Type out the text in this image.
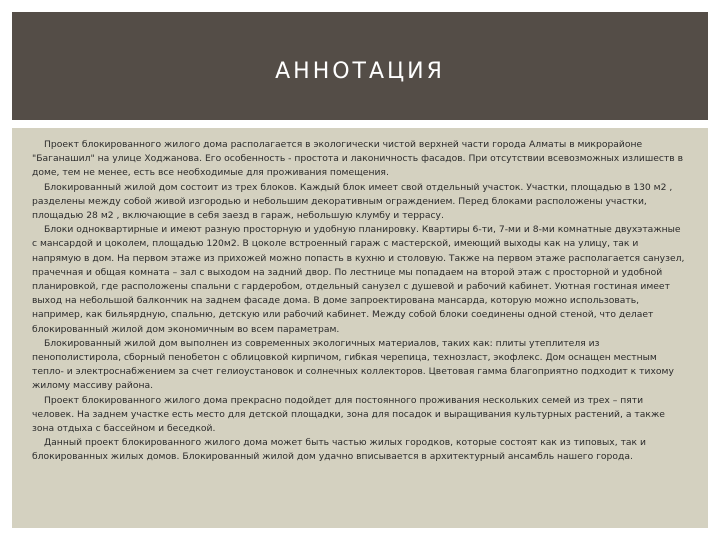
АННОТАЦИЯ

Проект блокированного жилого дома располагается в экологически чистой верхней части города Алматы в микрорайоне "Баганашил" на улице Ходжанова. Его особенность - простота и лаконичность фасадов. При отсутствии всевозможных излишеств в доме, тем не менее, есть все необходимые для проживания помещения.

Блокированный жилой дом состоит из трех блоков. Каждый блок имеет свой отдельный участок. Участки, площадью в 130 м2 , разделены между собой живой изгородью и небольшим декоративным ограждением. Перед блоками расположены участки, площадью 28 м2 , включающие в себя заезд в гараж, небольшую клумбу и террасу.

Блоки одноквартирные и имеют разную просторную и удобную планировку. Квартиры 6-ти, 7-ми и 8-ми комнатные двухэтажные с мансардой и цоколем, площадью 120м2. В цоколе встроенный гараж с мастерской, имеющий выходы как на улицу, так и напрямую в дом. На первом этаже из прихожей можно попасть в кухню и столовую. Также на первом этаже располагается санузел, прачечная и общая комната – зал с выходом на задний двор. По лестнице мы попадаем на второй этаж с просторной и удобной планировкой, где расположены спальни с гардеробом, отдельный санузел с душевой и рабочий кабинет. Уютная гостиная имеет выход на небольшой балкончик на заднем фасаде дома. В доме запроектирована мансарда, которую можно использовать, например, как бильярдную, спальню, детскую или рабочий кабинет. Между собой блоки соединены одной стеной, что делает блокированный жилой дом экономичным во всем параметрам.

Блокированный жилой дом выполнен из современных экологичных материалов, таких как: плиты утеплителя из пенополистирола, сборный пенобетон с облицовкой кирпичом, гибкая черепица, технозласт, экофлекс. Дом оснащен местным тепло- и электроснабжением за счет гелиоустановок и солнечных коллекторов. Цветовая гамма благоприятно подходит к тихому жилому массиву района.

Проект блокированного жилого дома прекрасно подойдет для постоянного проживания нескольких семей из трех – пяти человек. На заднем участке есть место для детской площадки, зона для посадок и выращивания культурных растений, а также зона отдыха с бассейном и беседкой.

Данный проект блокированного жилого дома может быть частью жилых городков, которые состоят как из типовых, так и блокированных жилых домов. Блокированный жилой дом удачно вписывается в архитектурный ансамбль нашего города.
